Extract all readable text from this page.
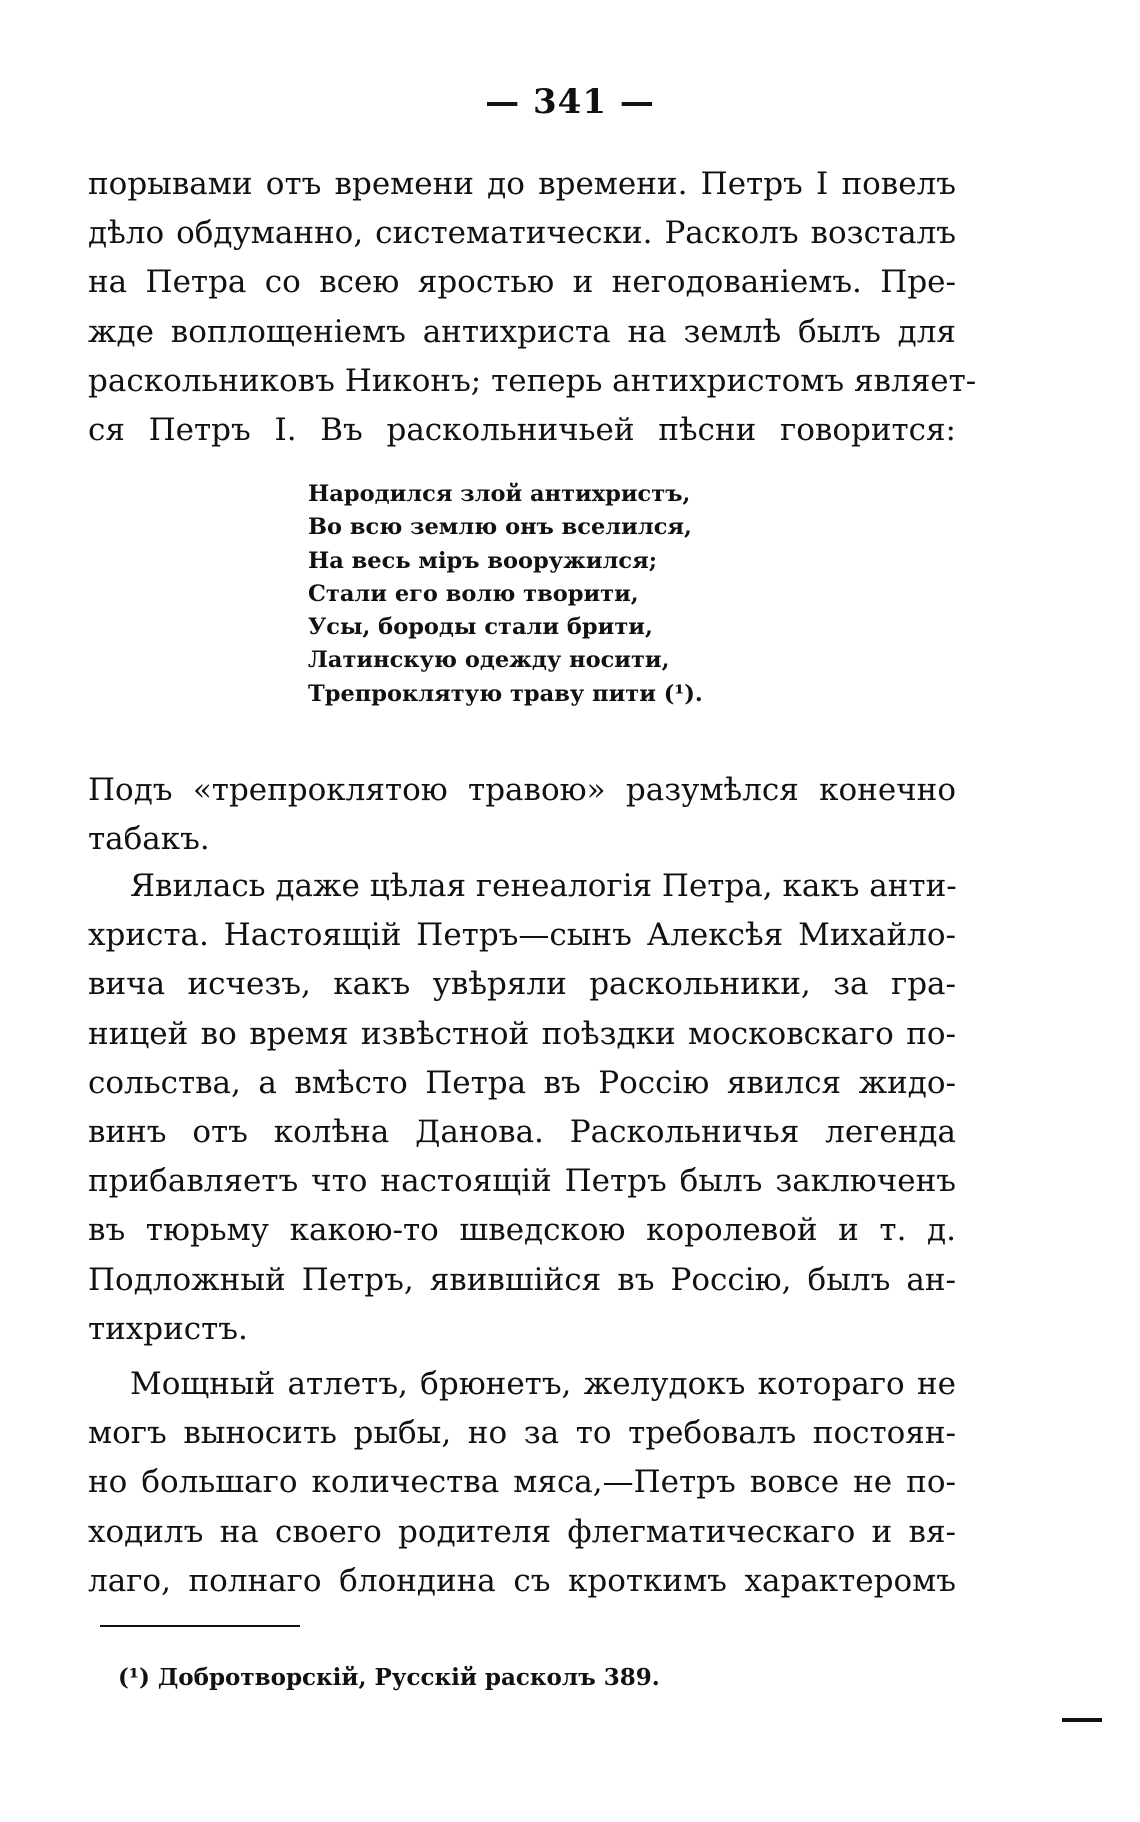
— 341 —
порывами отъ времени до времени. Петръ I повелъ
дѣло обдуманно, систематически. Расколъ возсталъ
на Петра со всею яростью и негодованіемъ. Пре-
жде воплощеніемъ антихриста на землѣ былъ для
раскольниковъ Никонъ; теперь антихристомъ являет-
ся Петръ I. Въ раскольничьей пѣсни говорится:
Народился злой антихристъ,
Во всю землю онъ вселился,
На весь міръ вооружился;
Стали его волю творити,
Усы, бороды стали брити,
Латинскую одежду носити,
Трепроклятую траву пити (¹).
Подъ «трепроклятою травою» разумѣлся конечно
табакъ.
Явилась даже цѣлая генеалогія Петра, какъ анти-
христа. Настоящій Петръ—сынъ Алексѣя Михайло-
вича исчезъ, какъ увѣряли раскольники, за гра-
ницей во время извѣстной поѣздки московскаго по-
сольства, а вмѣсто Петра въ Россію явился жидо-
винъ отъ колѣна Данова. Раскольничья легенда
прибавляетъ что настоящій Петръ былъ заключенъ
въ тюрьму какою-то шведскою королевой и т. д.
Подложный Петръ, явившійся въ Россію, былъ ан-
тихристъ.
Мощный атлетъ, брюнетъ, желудокъ котораго не
могъ выносить рыбы, но за то требовалъ постоян-
но большаго количества мяса,—Петръ вовсе не по-
ходилъ на своего родителя флегматическаго и вя-
лаго, полнаго блондина съ кроткимъ характеромъ
(¹) Добротворскій, Русскій расколъ 389.
